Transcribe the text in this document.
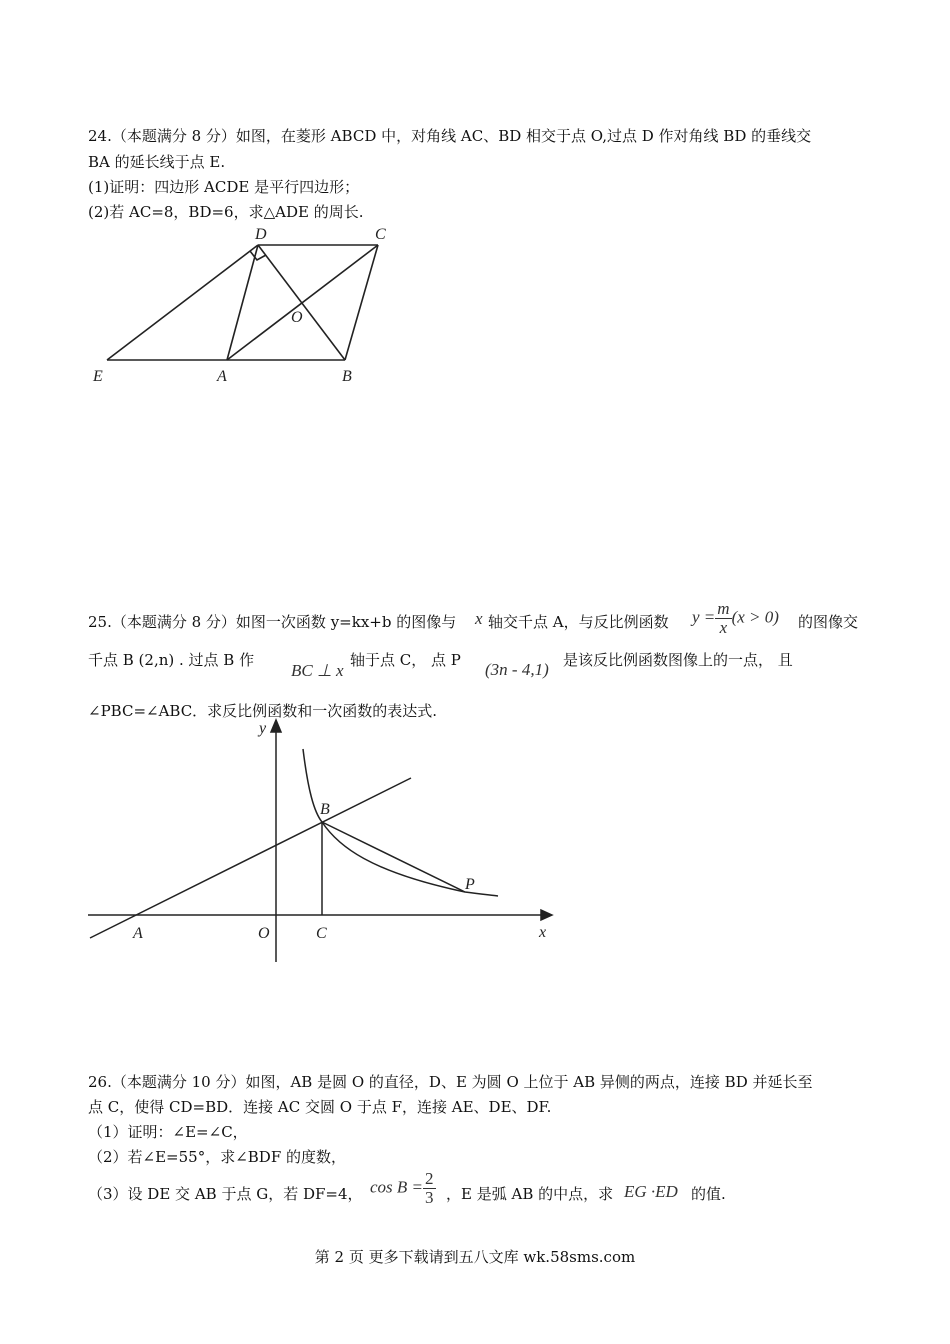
24.（本题满分 8 分）如图，在菱形 ABCD 中，对角线 AC、BD 相交于点 O,过点 D 作对角线 BD 的垂线交
BA 的延长线于点 E.
(1)证明：四边形 ACDE 是平行四边形；
(2)若 AC=8，BD=6，求△ADE 的周长.
D	C
O
E	A	B
25.（本题满分 8 分）如图一次函数 y=kx+b 的图像与 x 轴交千点 A，与反比例函数 $y = \frac{m}{x} (x > 0)$ 的图像交
千点 B (2,n) . 过点 B 作
BC ⊥ x
轴于点 C， 点 P (3n - 4,1) 是该反比例函数图像上的一点， 且
∠PBC=∠ABC．求反比例函数和一次函数的表达式.
y
x
B
P
A	O	C
26.（本题满分 10 分）如图，AB 是圆 O 的直径，D、E 为圆 O 上位于 AB 异侧的两点，连接 BD 并延长至
点 C，使得 CD=BD．连接 AC 交圆 O 于点 F，连接 AE、DE、DF.
（1）证明：∠E=∠C，
（2）若∠E=55°，求∠BDF 的度数，
（3）设 DE 交 AB 于点 G，若 DF=4， $\cos B = \frac{2}{3}$ ，E 是弧 AB 的中点，求 EG ·ED 的值.
第 2 页 更多下载请到五八文库 wk.58sms.com
